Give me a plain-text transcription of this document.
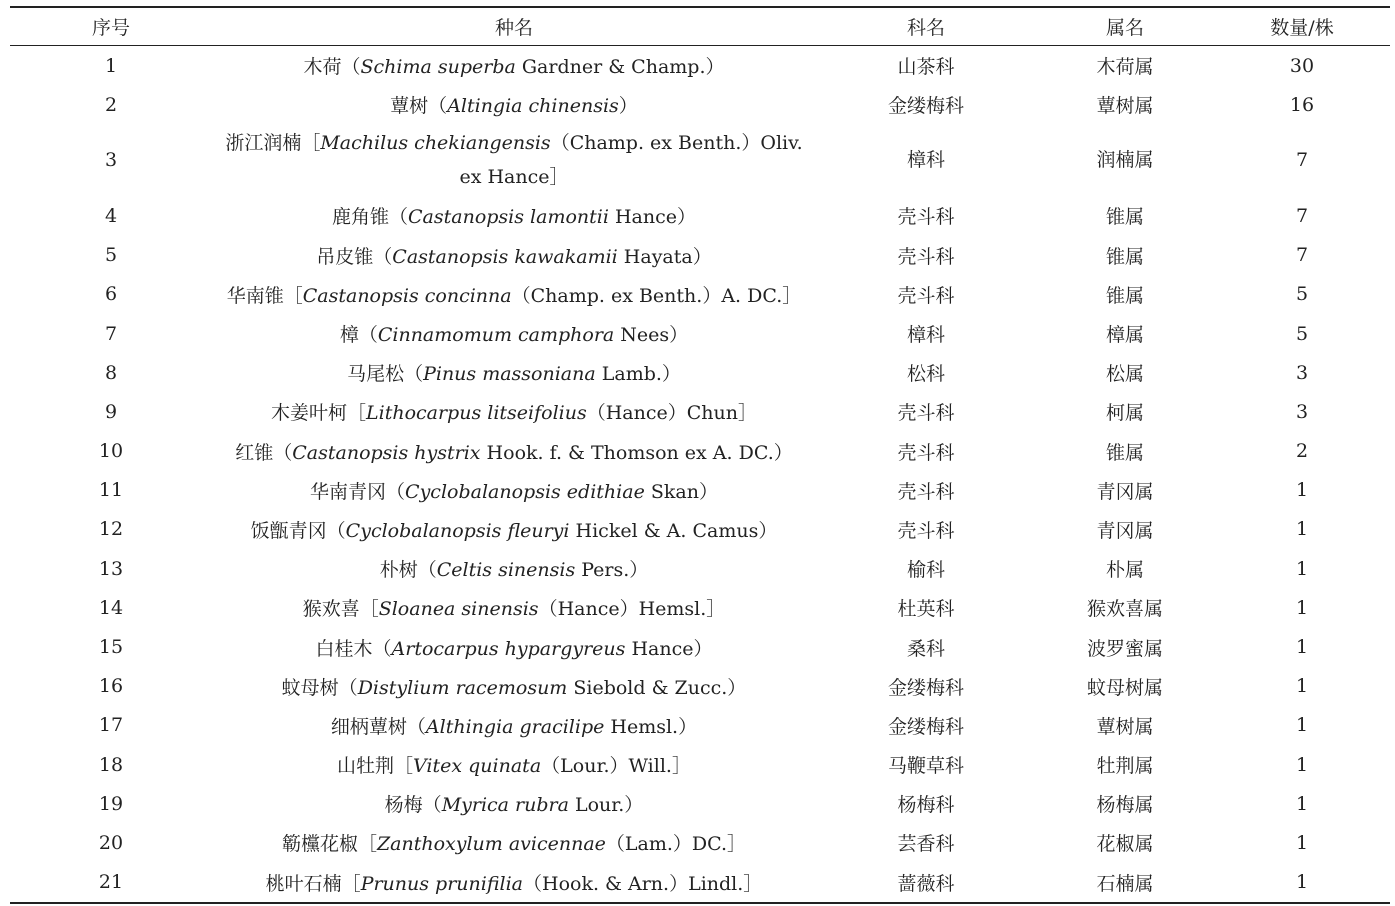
序号	种名	科名	属名	数量/株
1	木荷（Schima superba Gardner & Champ.）	山茶科	木荷属	30
2	蕈树（Altingia chinensis）	金缕梅科	蕈树属	16
3	浙江润楠［Machilus chekiangensis（Champ. ex Benth.）Oliv. ex Hance］	樟科	润楠属	7
4	鹿角锥（Castanopsis lamontii Hance）	壳斗科	锥属	7
5	吊皮锥（Castanopsis kawakamii Hayata）	壳斗科	锥属	7
6	华南锥［Castanopsis concinna（Champ. ex Benth.）A. DC.］	壳斗科	锥属	5
7	樟（Cinnamomum camphora Nees）	樟科	樟属	5
8	马尾松（Pinus massoniana Lamb.）	松科	松属	3
9	木姜叶柯［Lithocarpus litseifolius（Hance）Chun］	壳斗科	柯属	3
10	红锥（Castanopsis hystrix Hook. f. & Thomson ex A. DC.）	壳斗科	锥属	2
11	华南青冈（Cyclobalanopsis edithiae Skan）	壳斗科	青冈属	1
12	饭甑青冈（Cyclobalanopsis fleuryi Hickel & A. Camus）	壳斗科	青冈属	1
13	朴树（Celtis sinensis Pers.）	榆科	朴属	1
14	猴欢喜［Sloanea sinensis（Hance）Hemsl.］	杜英科	猴欢喜属	1
15	白桂木（Artocarpus hypargyreus Hance）	桑科	波罗蜜属	1
16	蚊母树（Distylium racemosum Siebold & Zucc.）	金缕梅科	蚊母树属	1
17	细柄蕈树（Althingia gracilipe Hemsl.）	金缕梅科	蕈树属	1
18	山牡荆［Vitex quinata（Lour.）Will.］	马鞭草科	牡荆属	1
19	杨梅（Myrica rubra Lour.）	杨梅科	杨梅属	1
20	簕欓花椒［Zanthoxylum avicennae（Lam.）DC.］	芸香科	花椒属	1
21	桃叶石楠［Prunus prunifilia（Hook. & Arn.）Lindl.］	蔷薇科	石楠属	1
